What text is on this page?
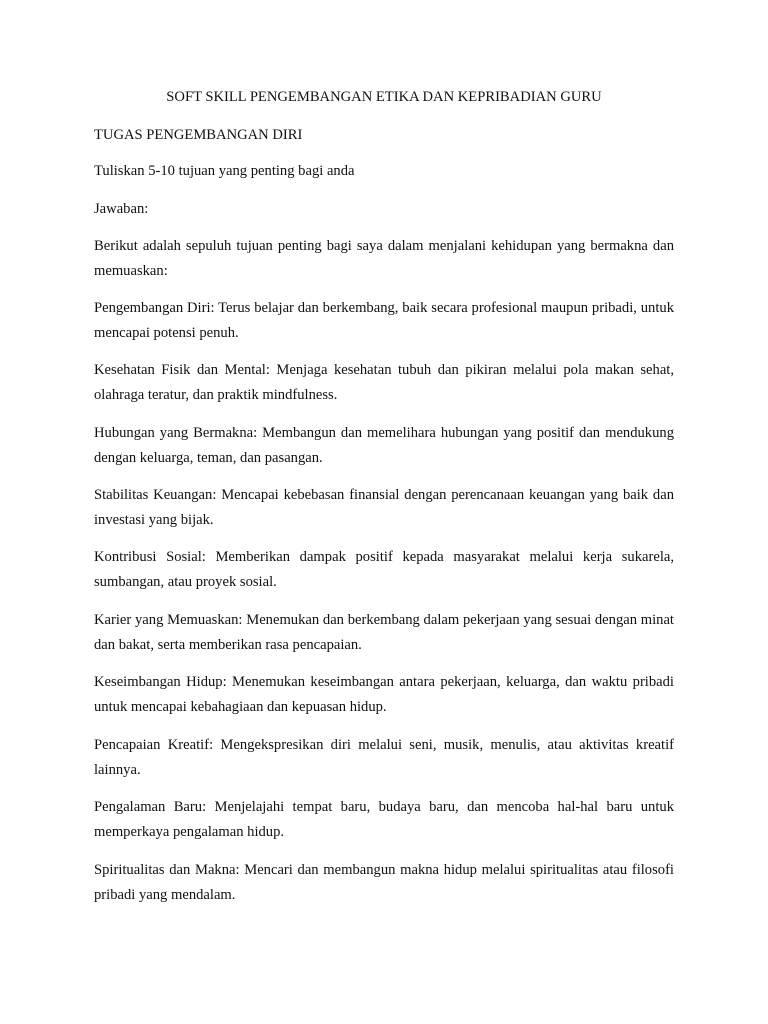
SOFT SKILL PENGEMBANGAN ETIKA DAN KEPRIBADIAN GURU

TUGAS PENGEMBANGAN DIRI

Tuliskan 5-10 tujuan yang penting bagi anda

Jawaban:

Berikut adalah sepuluh tujuan penting bagi saya dalam menjalani kehidupan yang bermakna dan memuaskan:

Pengembangan Diri: Terus belajar dan berkembang, baik secara profesional maupun pribadi, untuk mencapai potensi penuh.

Kesehatan Fisik dan Mental: Menjaga kesehatan tubuh dan pikiran melalui pola makan sehat, olahraga teratur, dan praktik mindfulness.

Hubungan yang Bermakna: Membangun dan memelihara hubungan yang positif dan mendukung dengan keluarga, teman, dan pasangan.

Stabilitas Keuangan: Mencapai kebebasan finansial dengan perencanaan keuangan yang baik dan investasi yang bijak.

Kontribusi Sosial: Memberikan dampak positif kepada masyarakat melalui kerja sukarela, sumbangan, atau proyek sosial.

Karier yang Memuaskan: Menemukan dan berkembang dalam pekerjaan yang sesuai dengan minat dan bakat, serta memberikan rasa pencapaian.

Keseimbangan Hidup: Menemukan keseimbangan antara pekerjaan, keluarga, dan waktu pribadi untuk mencapai kebahagiaan dan kepuasan hidup.

Pencapaian Kreatif: Mengekspresikan diri melalui seni, musik, menulis, atau aktivitas kreatif lainnya.

Pengalaman Baru: Menjelajahi tempat baru, budaya baru, dan mencoba hal-hal baru untuk memperkaya pengalaman hidup.

Spiritualitas dan Makna: Mencari dan membangun makna hidup melalui spiritualitas atau filosofi pribadi yang mendalam.
